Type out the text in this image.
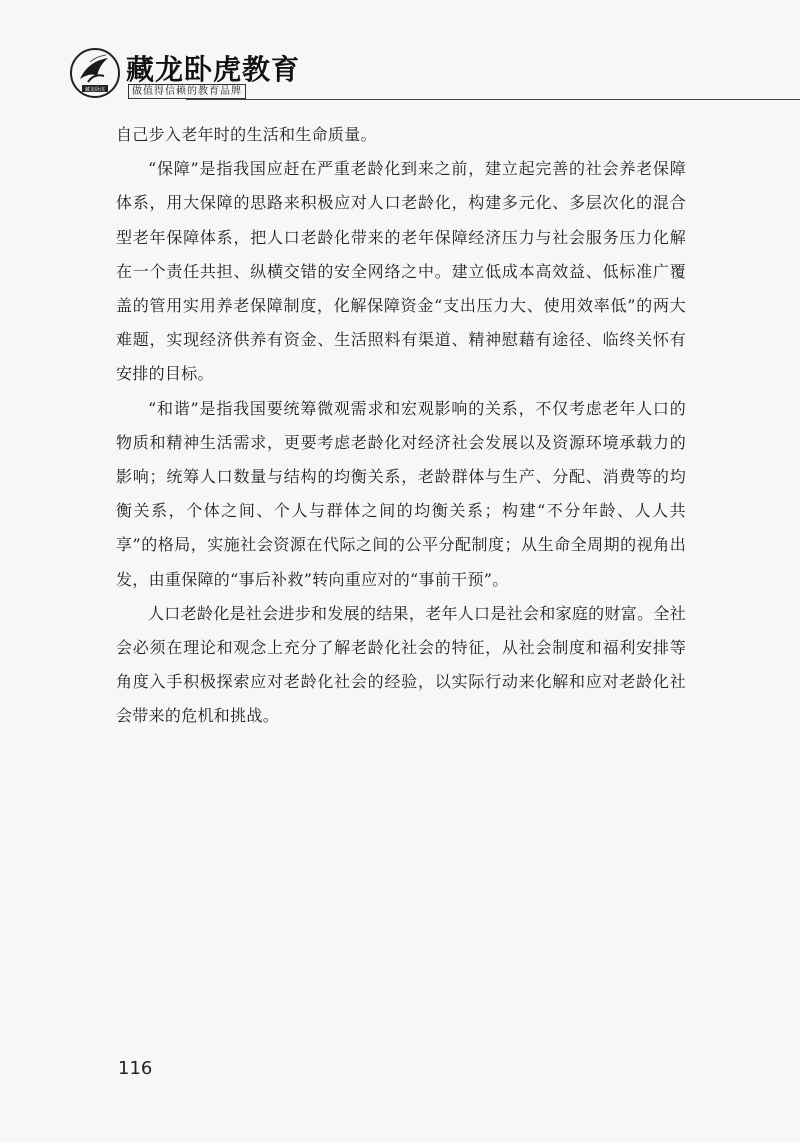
藏龙卧虎
藏龙卧虎教育
做值得信赖的教育品牌

自己步入老年时的生活和生命质量。

“保障”是指我国应赶在严重老龄化到来之前，建立起完善的社会养老保障体系，用大保障的思路来积极应对人口老龄化，构建多元化、多层次化的混合型老年保障体系，把人口老龄化带来的老年保障经济压力与社会服务压力化解在一个责任共担、纵横交错的安全网络之中。建立低成本高效益、低标准广覆盖的管用实用养老保障制度，化解保障资金“支出压力大、使用效率低”的两大难题，实现经济供养有资金、生活照料有渠道、精神慰藉有途径、临终关怀有安排的目标。

“和谐”是指我国要统筹微观需求和宏观影响的关系，不仅考虑老年人口的物质和精神生活需求，更要考虑老龄化对经济社会发展以及资源环境承载力的影响；统筹人口数量与结构的均衡关系，老龄群体与生产、分配、消费等的均衡关系，个体之间、个人与群体之间的均衡关系；构建“不分年龄、人人共享”的格局，实施社会资源在代际之间的公平分配制度；从生命全周期的视角出发，由重保障的“事后补救”转向重应对的“事前干预”。

人口老龄化是社会进步和发展的结果，老年人口是社会和家庭的财富。全社会必须在理论和观念上充分了解老龄化社会的特征，从社会制度和福利安排等角度入手积极探索应对老龄化社会的经验，以实际行动来化解和应对老龄化社会带来的危机和挑战。

116
